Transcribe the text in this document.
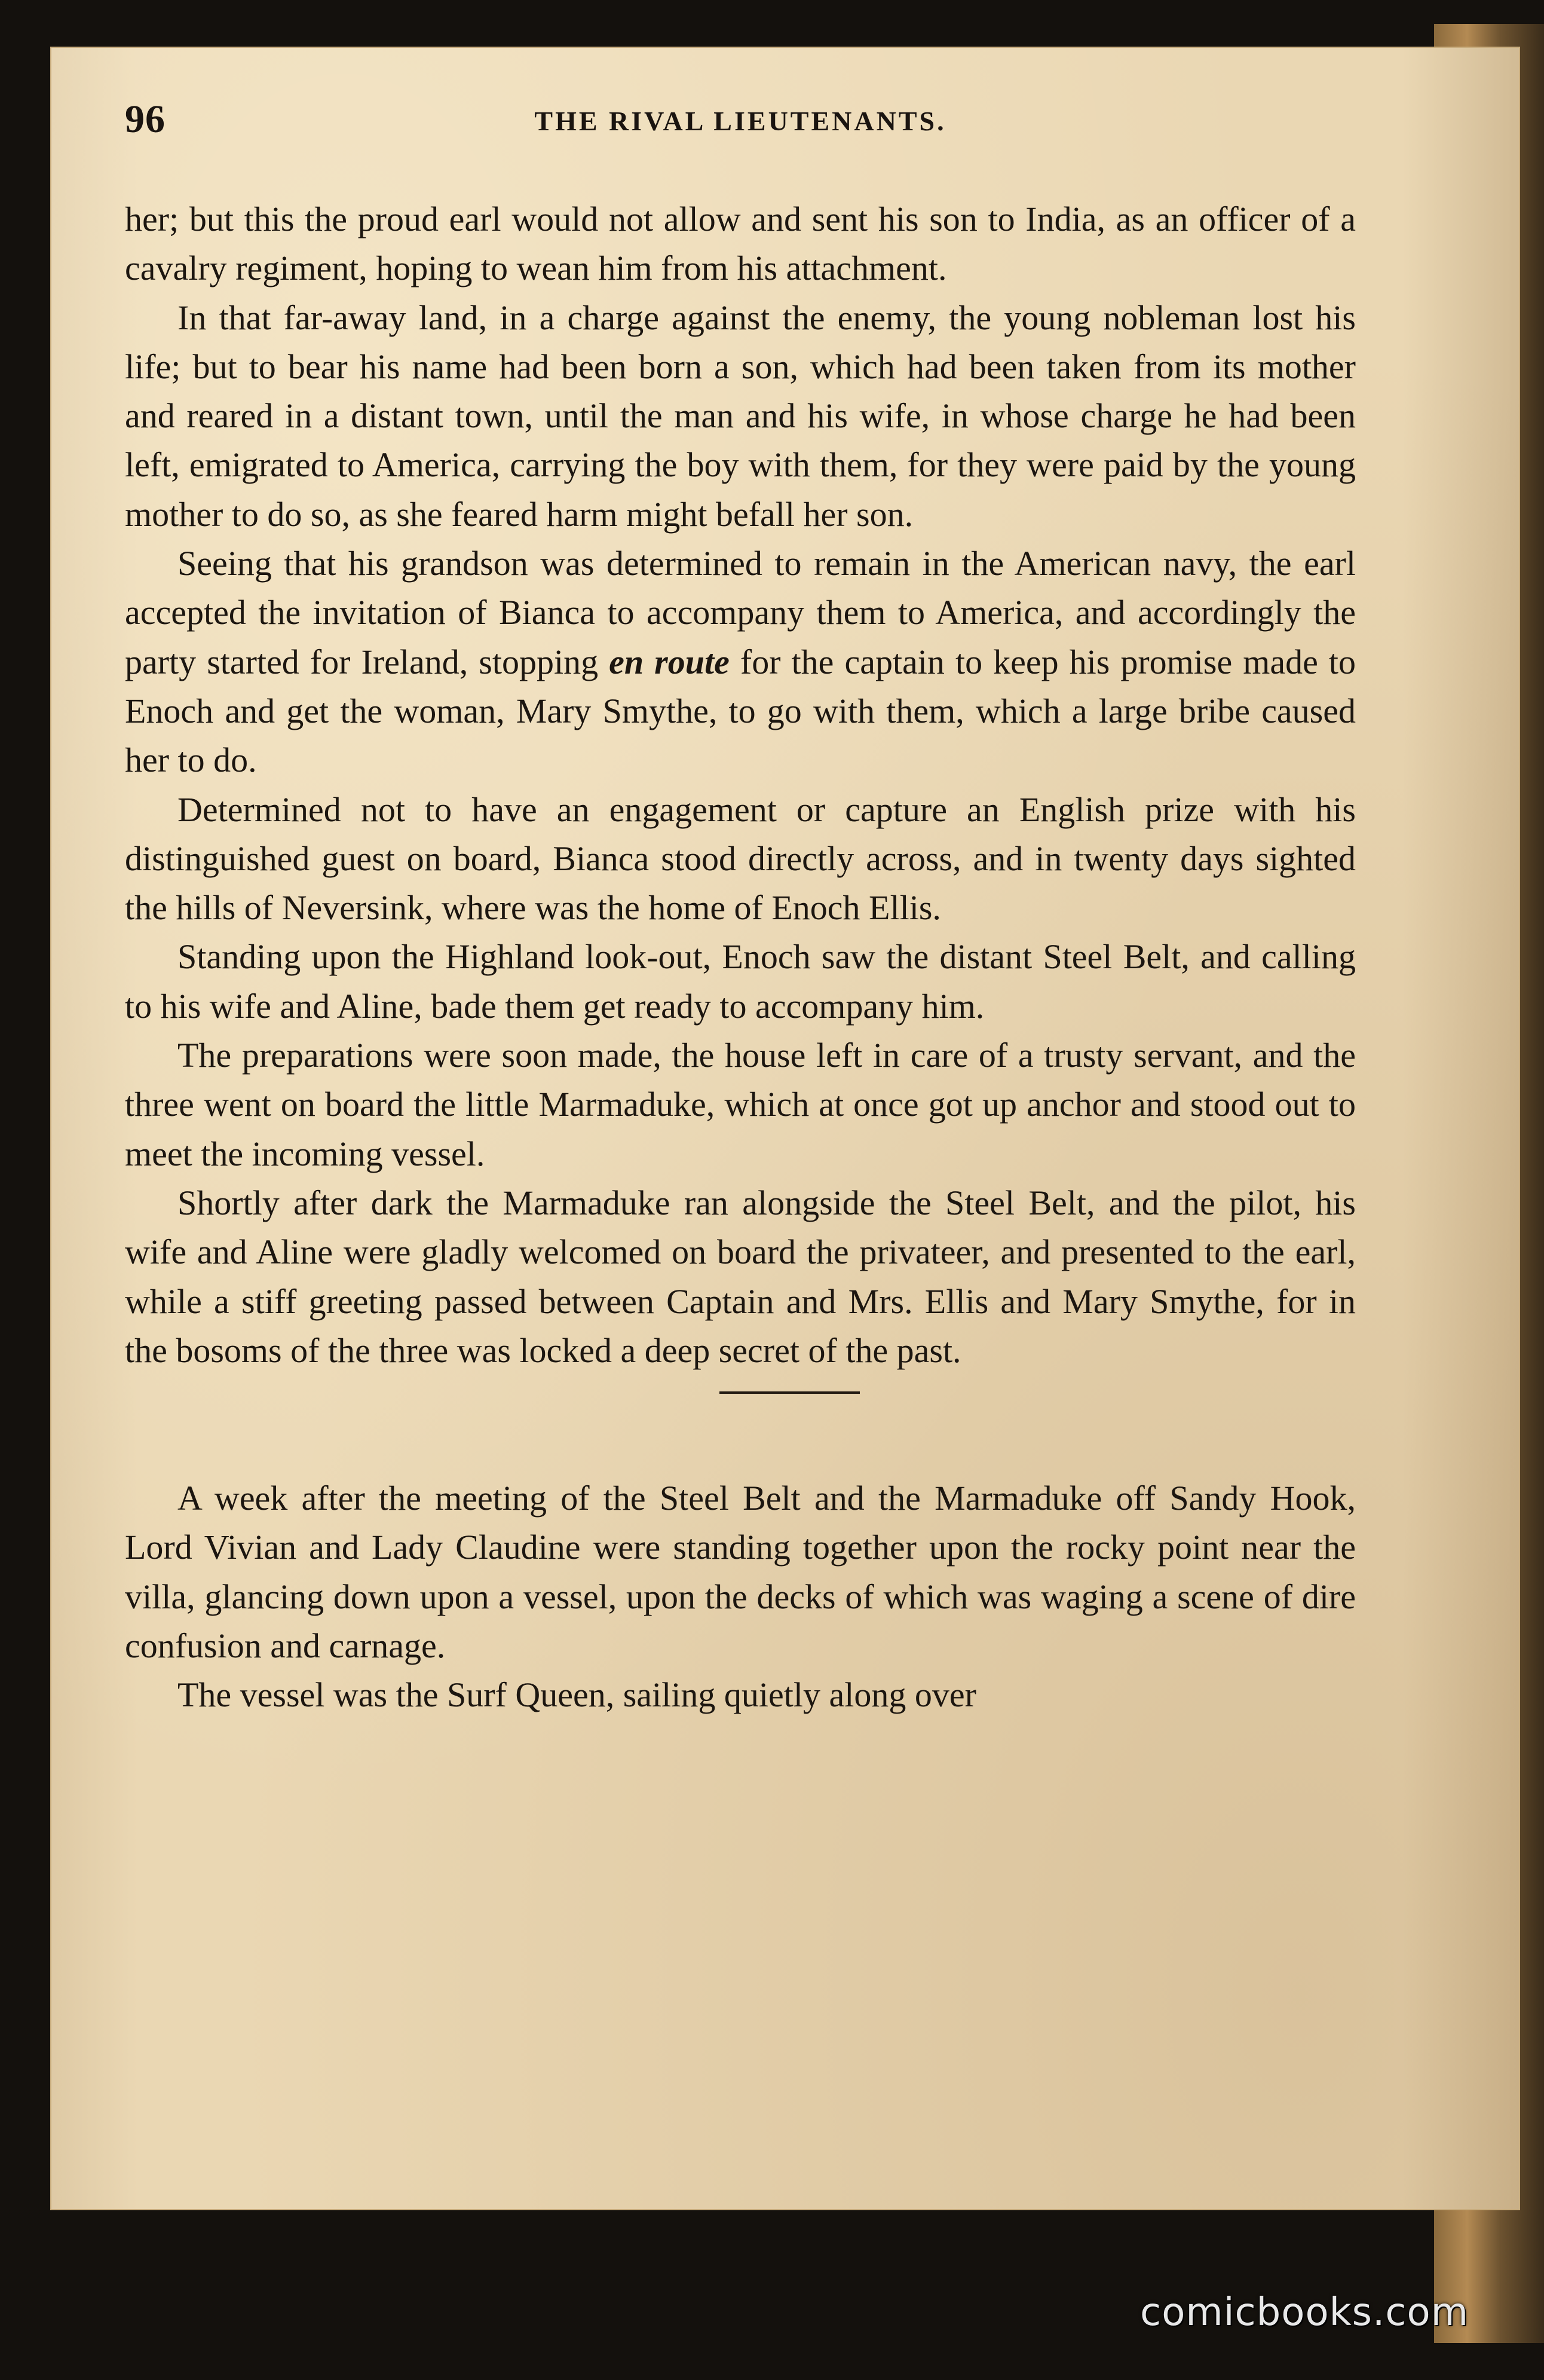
96	THE RIVAL LIEUTENANTS.

her; but this the proud earl would not allow and sent his son to India, as an officer of a cavalry regiment, hoping to wean him from his attachment.

In that far-away land, in a charge against the enemy, the young nobleman lost his life; but to bear his name had been born a son, which had been taken from its mother and reared in a distant town, until the man and his wife, in whose charge he had been left, emigrated to America, carrying the boy with them, for they were paid by the young mother to do so, as she feared harm might befall her son.

Seeing that his grandson was determined to remain in the American navy, the earl accepted the invitation of Bianca to accompany them to America, and accordingly the party started for Ireland, stopping en route for the captain to keep his promise made to Enoch and get the woman, Mary Smythe, to go with them, which a large bribe caused her to do.

Determined not to have an engagement or capture an English prize with his distinguished guest on board, Bianca stood directly across, and in twenty days sighted the hills of Neversink, where was the home of Enoch Ellis.

Standing upon the Highland look-out, Enoch saw the distant Steel Belt, and calling to his wife and Aline, bade them get ready to accompany him.

The preparations were soon made, the house left in care of a trusty servant, and the three went on board the little Marmaduke, which at once got up anchor and stood out to meet the incoming vessel.

Shortly after dark the Marmaduke ran alongside the Steel Belt, and the pilot, his wife and Aline were gladly welcomed on board the privateer, and presented to the earl, while a stiff greeting passed between Captain and Mrs. Ellis and Mary Smythe, for in the bosoms of the three was locked a deep secret of the past.

A week after the meeting of the Steel Belt and the Marmaduke off Sandy Hook, Lord Vivian and Lady Claudine were standing together upon the rocky point near the villa, glancing down upon a vessel, upon the decks of which was waging a scene of dire confusion and carnage.

The vessel was the Surf Queen, sailing quietly along over

comicbooks.com
